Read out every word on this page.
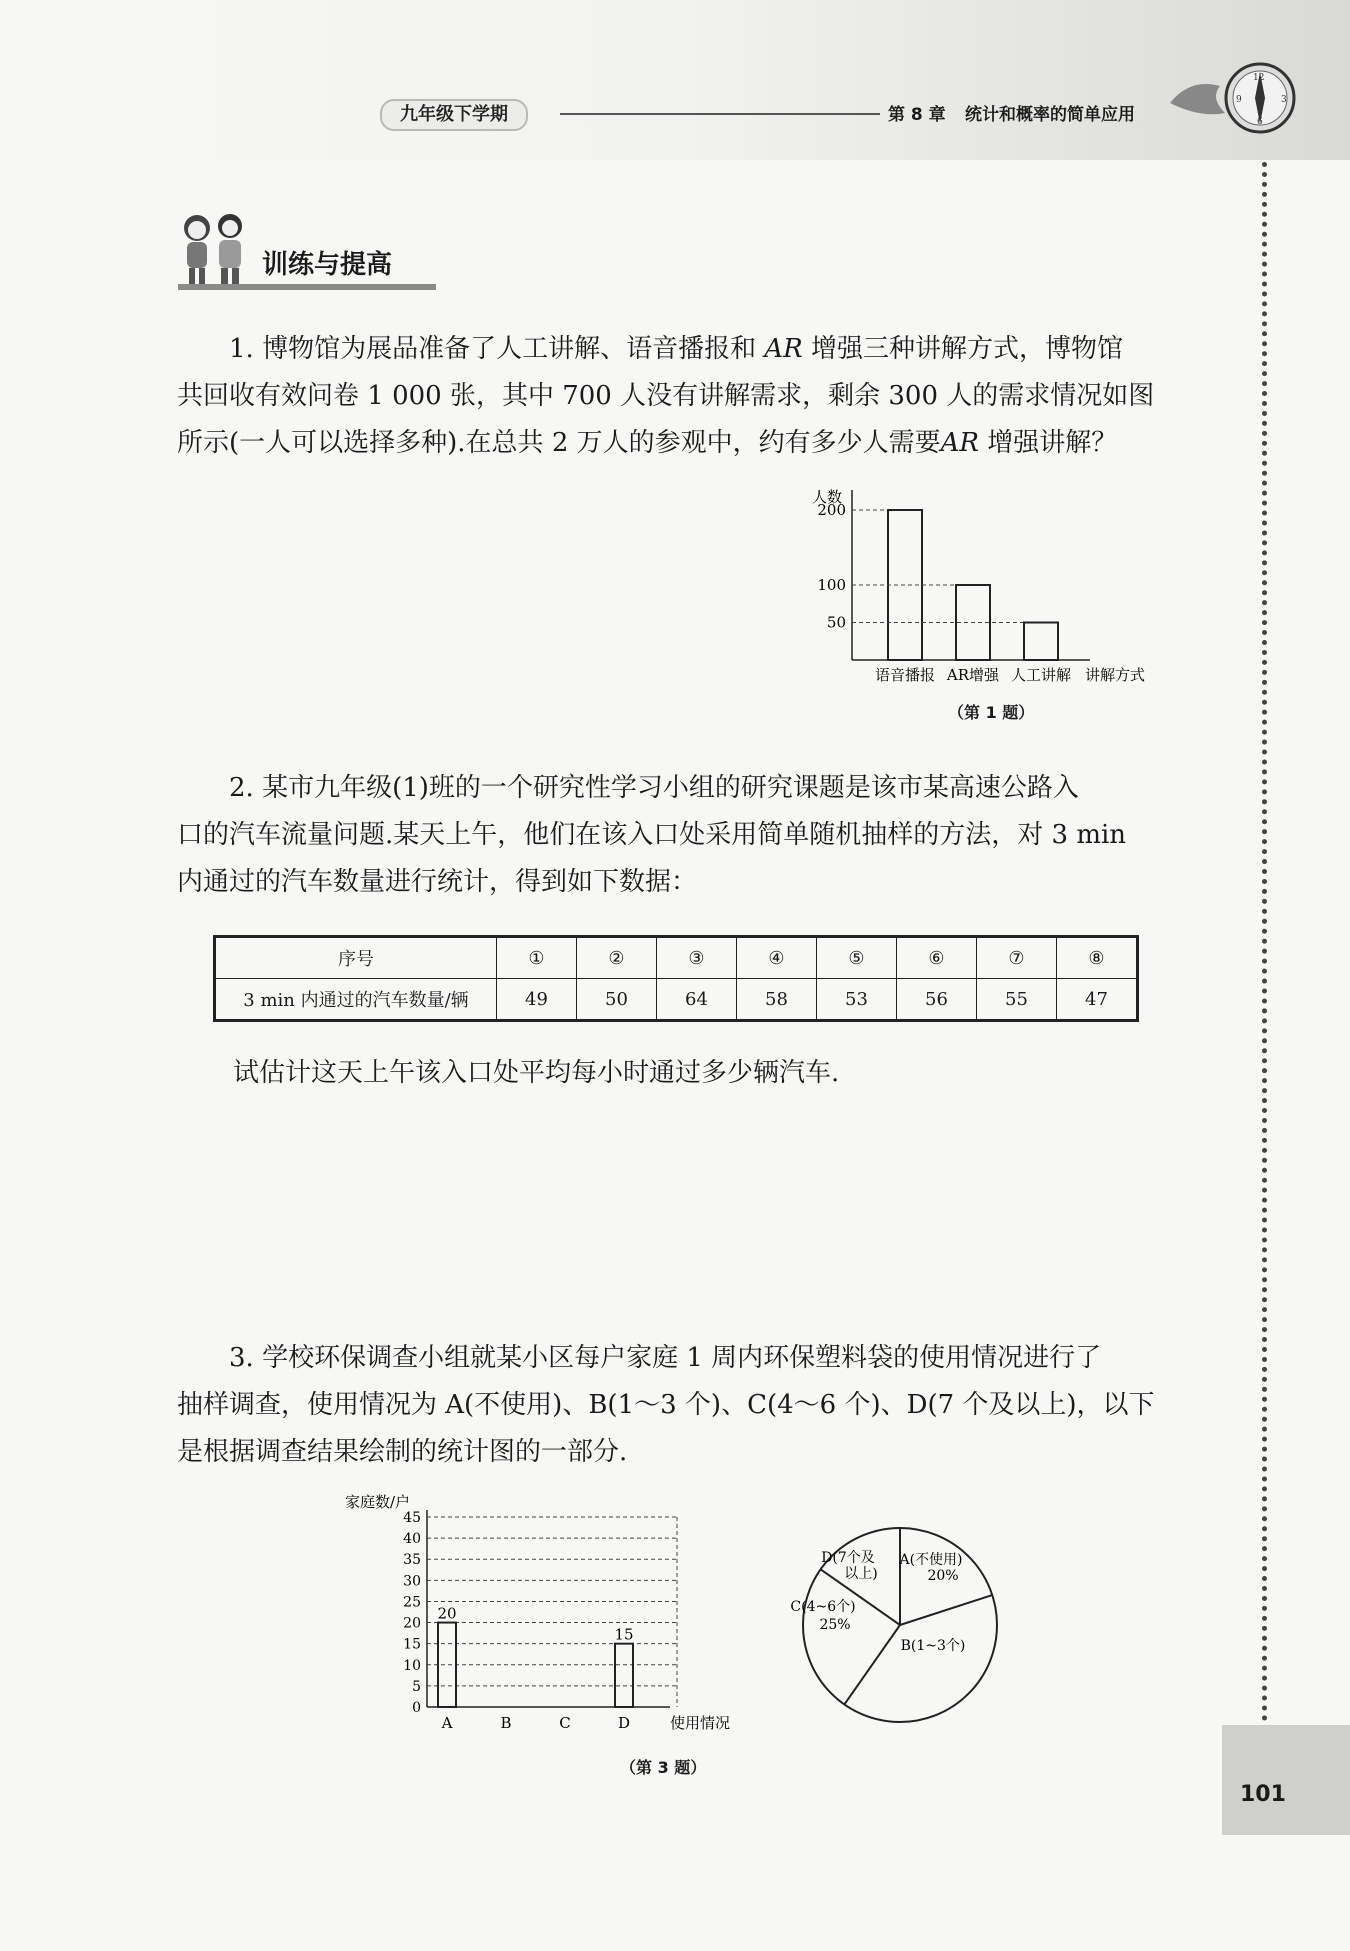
九年级下学期	第 8 章 统计和概率的简单应用
12
3
6
9
训练与提高
1. 博物馆为展品准备了人工讲解、语音播报和 AR 增强三种讲解方式，博物馆
共回收有效问卷 1 000 张，其中 700 人没有讲解需求，剩余 300 人的需求情况如图
所示(一人可以选择多种).在总共 2 万人的参观中，约有多少人需要AR 增强讲解？
人数
讲解方式
语音播报 AR增强 人工讲解
50
100
200
（第 1 题）
2. 某市九年级(1)班的一个研究性学习小组的研究课题是该市某高速公路入
口的汽车流量问题.某天上午，他们在该入口处采用简单随机抽样的方法，对 3 min
内通过的汽车数量进行统计，得到如下数据：
序号	①	②	③	④	⑤	⑥	⑦	⑧
3 min 内通过的汽车数量/辆	49	50	64	58	53	56	55	47
试估计这天上午该入口处平均每小时通过多少辆汽车.
3. 学校环保调查小组就某小区每户家庭 1 周内环保塑料袋的使用情况进行了
抽样调查，使用情况为 A(不使用)、B(1～3 个)、C(4～6 个)、D(7 个及以上)，以下
是根据调查结果绘制的统计图的一部分.
家庭数/户
使用情况
0
5
10
15
20
25
30
35
40
45
20
A	B	C
15
D
A(不使用)
20%
B(1~3个)
C(4~6个)
25%
D(7个及
以上)
（第 3 题）
101
